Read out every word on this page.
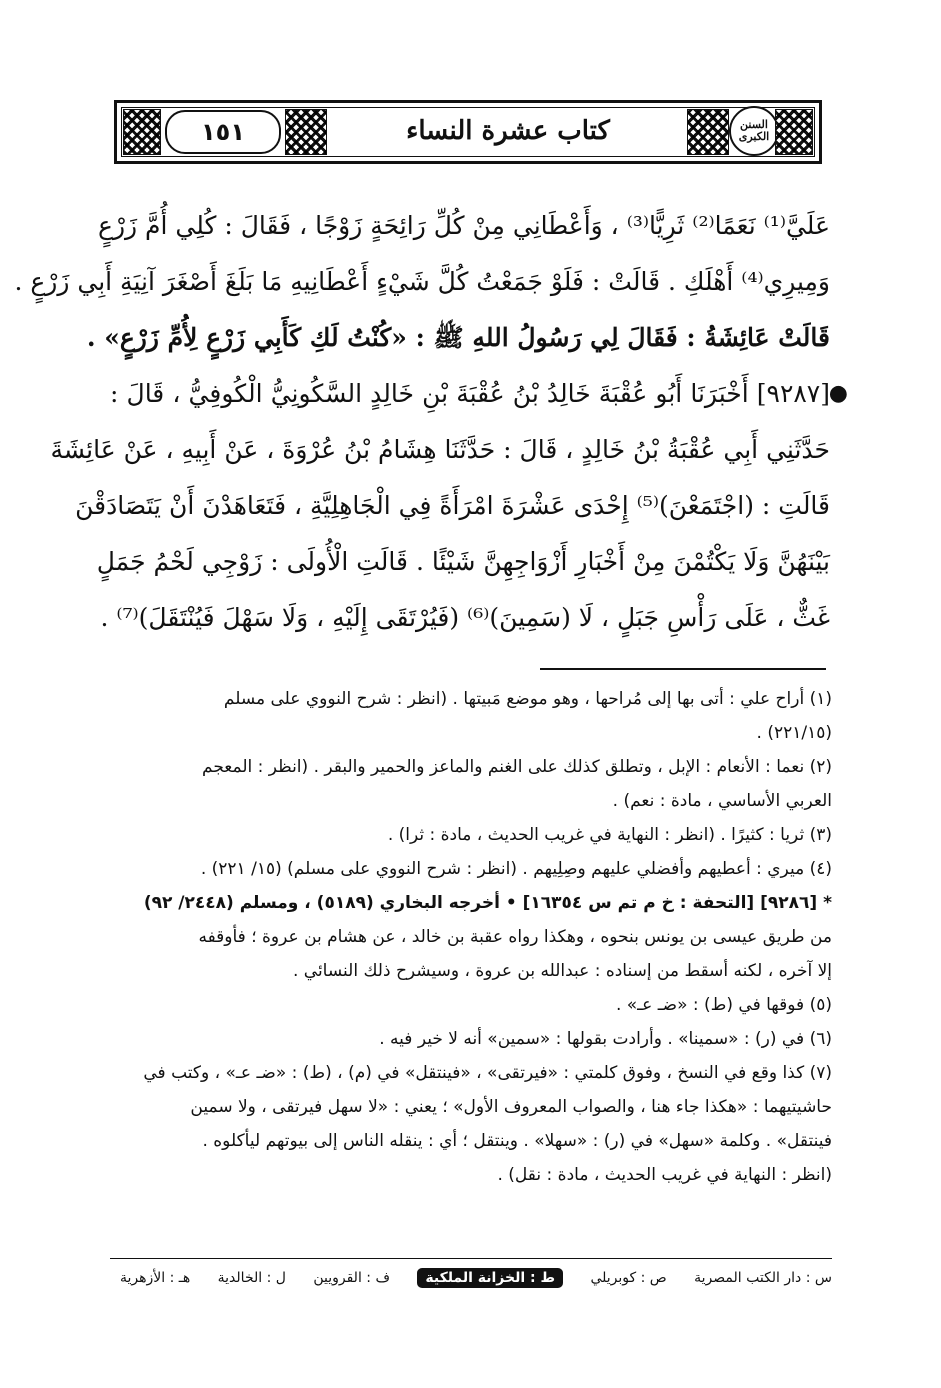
١٥١	كتاب عشرة النساء	السنن الكبرى
عَلَيَّ⁽¹⁾ نَعَمًا⁽²⁾ ثَرِيًّا⁽³⁾ ، وَأَعْطَانِي مِنْ كُلِّ رَائِحَةٍ زَوْجًا ، فَقَالَ : كُلِي أُمَّ زَرْعٍ
وَمِيرِي⁽⁴⁾ أَهْلَكِ . قَالَتْ : فَلَوْ جَمَعْتُ كُلَّ شَيْءٍ أَعْطَانِيهِ مَا بَلَغَ أَصْغَرَ آنِيَةِ أَبِي زَرْعٍ .
قَالَتْ عَائِشَةُ : فَقَالَ لِي رَسُولُ اللهِ ﷺ : «كُنْتُ لَكِ كَأَبِي زَرْعٍ لِأُمِّ زَرْعٍ» .
●
[٩٢٨٧] أَخْبَرَنَا أَبُو عُقْبَةَ خَالِدُ بْنُ عُقْبَةَ بْنِ خَالِدٍ السَّكُونِيُّ الْكُوفِيُّ ، قَالَ :
حَدَّثَنِي أَبِي عُقْبَةُ بْنُ خَالِدٍ ، قَالَ : حَدَّثَنَا هِشَامُ بْنُ عُرْوَةَ ، عَنْ أَبِيهِ ، عَنْ عَائِشَةَ
قَالَتِ : (اجْتَمَعْنَ)⁽⁵⁾ إِحْدَى عَشْرَةَ امْرَأَةً فِي الْجَاهِلِيَّةِ ، فَتَعَاهَدْنَ أَنْ يَتَصَادَقْنَ
بَيْنَهُنَّ وَلَا يَكْتُمْنَ مِنْ أَخْبَارِ أَزْوَاجِهِنَّ شَيْئًا . قَالَتِ الْأُولَى : زَوْجِي لَحْمُ جَمَلٍ
غَثٌّ ، عَلَى رَأْسِ جَبَلٍ ، لَا (سَمِينَ)⁽⁶⁾ (فَيُرْتَقَى إِلَيْهِ ، وَلَا سَهْلَ فَيُنْتَقَلَ)⁽⁷⁾ .
(١) أراح علي : أتى بها إلى مُراحها ، وهو موضع مَبيتها . (انظر : شرح النووي على مسلم
(٢٢١/١٥) .
(٢) نعما : الأنعام : الإبل ، وتطلق كذلك على الغنم والماعز والحمير والبقر . (انظر : المعجم
العربي الأساسي ، مادة : نعم) .
(٣) ثريا : كثيرًا . (انظر : النهاية في غريب الحديث ، مادة : ثرا) .
(٤) ميري : أعطيهم وأفضلي عليهم وصِلِيهم . (انظر : شرح النووي على مسلم) (١٥/ ٢٢١) .
* [٩٢٨٦] [التحفة : خ م تم س ١٦٣٥٤] • أخرجه البخاري (٥١٨٩) ، ومسلم (٢٤٤٨/ ٩٢)
من طريق عيسى بن يونس بنحوه ، وهكذا رواه عقبة بن خالد ، عن هشام بن عروة ؛ فأوقفه
إلا آخره ، لكنه أسقط من إسناده : عبدالله بن عروة ، وسيشرح ذلك النسائي .
(٥) فوقها في (ط) : «ضـ عـ» .
(٦) في (ر) : «سمينا» . وأرادت بقولها : «سمين» أنه لا خير فيه .
(٧) كذا وقع في النسخ ، وفوق كلمتي : «فيرتقى» ، «فينتقل» في (م) ، (ط) : «ضـ عـ» ، وكتب في
حاشيتيهما : «هكذا جاء هنا ، والصواب المعروف الأول» ؛ يعني : «لا سهل فيرتقى ، ولا سمين
فينتقل» . وكلمة «سهل» في (ر) : «سهلا» . وينتقل ؛ أي : ينقله الناس إلى بيوتهم ليأكلوه .
(انظر : النهاية في غريب الحديث ، مادة : نقل) .
س : دار الكتب المصرية
ص : كوبريلي
ط : الخزانة الملكية
ف : القرويين
ل : الخالدية
هـ : الأزهرية
